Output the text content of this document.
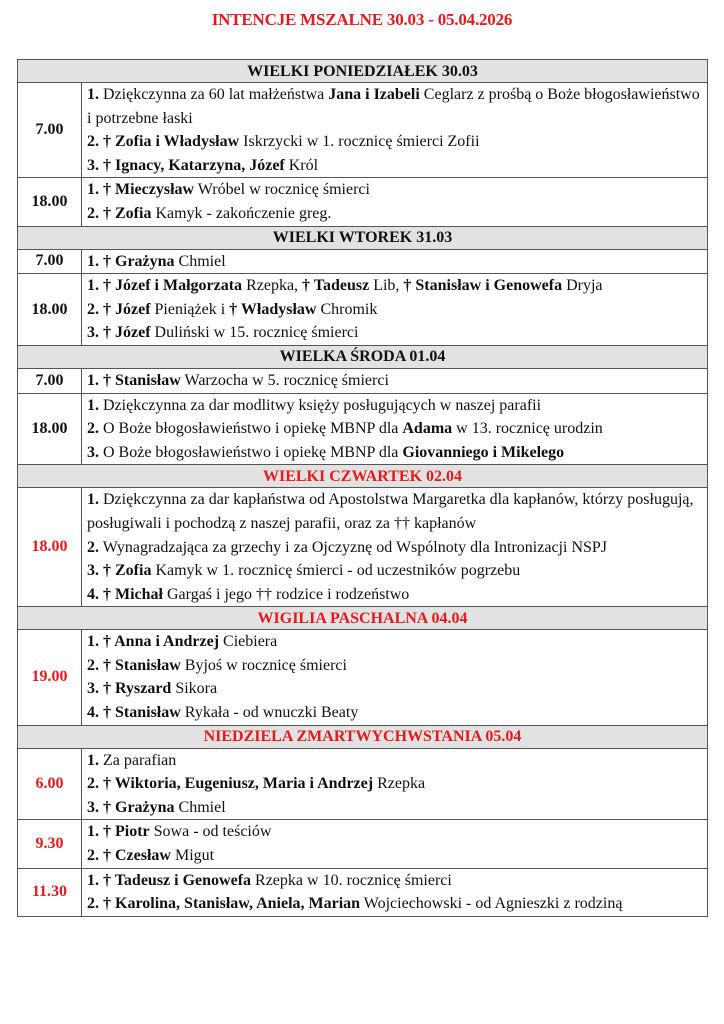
INTENCJE MSZALNE 30.03 - 05.04.2026
WIELKI PONIEDZIAŁEK 30.03	
7.00	1. Dziękczynna za 60 lat małżeństwa Jana i Izabeli Ceglarz z prośbą o Boże błogosławieństwo i potrzebne łaski
2. † Zofia i Władysław Iskrzycki w 1. rocznicę śmierci Zofii
3. † Ignacy, Katarzyna, Józef Król

18.00	1. † Mieczysław Wróbel w rocznicę śmierci
2. † Zofia Kamyk - zakończenie greg.

WIELKI WTOREK 31.03	
7.00	1. † Grażyna Chmiel

18.00	1. † Józef i Małgorzata Rzepka, † Tadeusz Lib, † Stanisław i Genowefa Dryja
2. † Józef Pieniążek i † Władysław Chromik
3. † Józef Duliński w 15. rocznicę śmierci

WIELKA ŚRODA 01.04	
7.00	1. † Stanisław Warzocha w 5. rocznicę śmierci

18.00	1. Dziękczynna za dar modlitwy księży posługujących w naszej parafii
2. O Boże błogosławieństwo i opiekę MBNP dla Adama w 13. rocznicę urodzin
3. O Boże błogosławieństwo i opiekę MBNP dla Giovanniego i Mikelego

WIELKI CZWARTEK 02.04	
18.00	1. Dziękczynna za dar kapłaństwa od Apostolstwa Margaretka dla kapłanów, którzy posługują, posługiwali i pochodzą z naszej parafii, oraz za †† kapłanów
2. Wynagradzająca za grzechy i za Ojczyznę od Wspólnoty dla Intronizacji NSPJ
3. † Zofia Kamyk w 1. rocznicę śmierci - od uczestników pogrzebu
4. † Michał Gargaś i jego †† rodzice i rodzeństwo

WIGILIA PASCHALNA 04.04	
19.00	1. † Anna i Andrzej Ciebiera
2. † Stanisław Byjoś w rocznicę śmierci
3. † Ryszard Sikora
4. † Stanisław Rykała - od wnuczki Beaty

NIEDZIELA ZMARTWYCHWSTANIA 05.04	
6.00	1. Za parafian
2. † Wiktoria, Eugeniusz, Maria i Andrzej Rzepka
3. † Grażyna Chmiel

9.30	1. † Piotr Sowa - od teściów
2. † Czesław Migut

11.30	1. † Tadeusz i Genowefa Rzepka w 10. rocznicę śmierci
2. † Karolina, Stanisław, Aniela, Marian Wojciechowski - od Agnieszki z rodziną
